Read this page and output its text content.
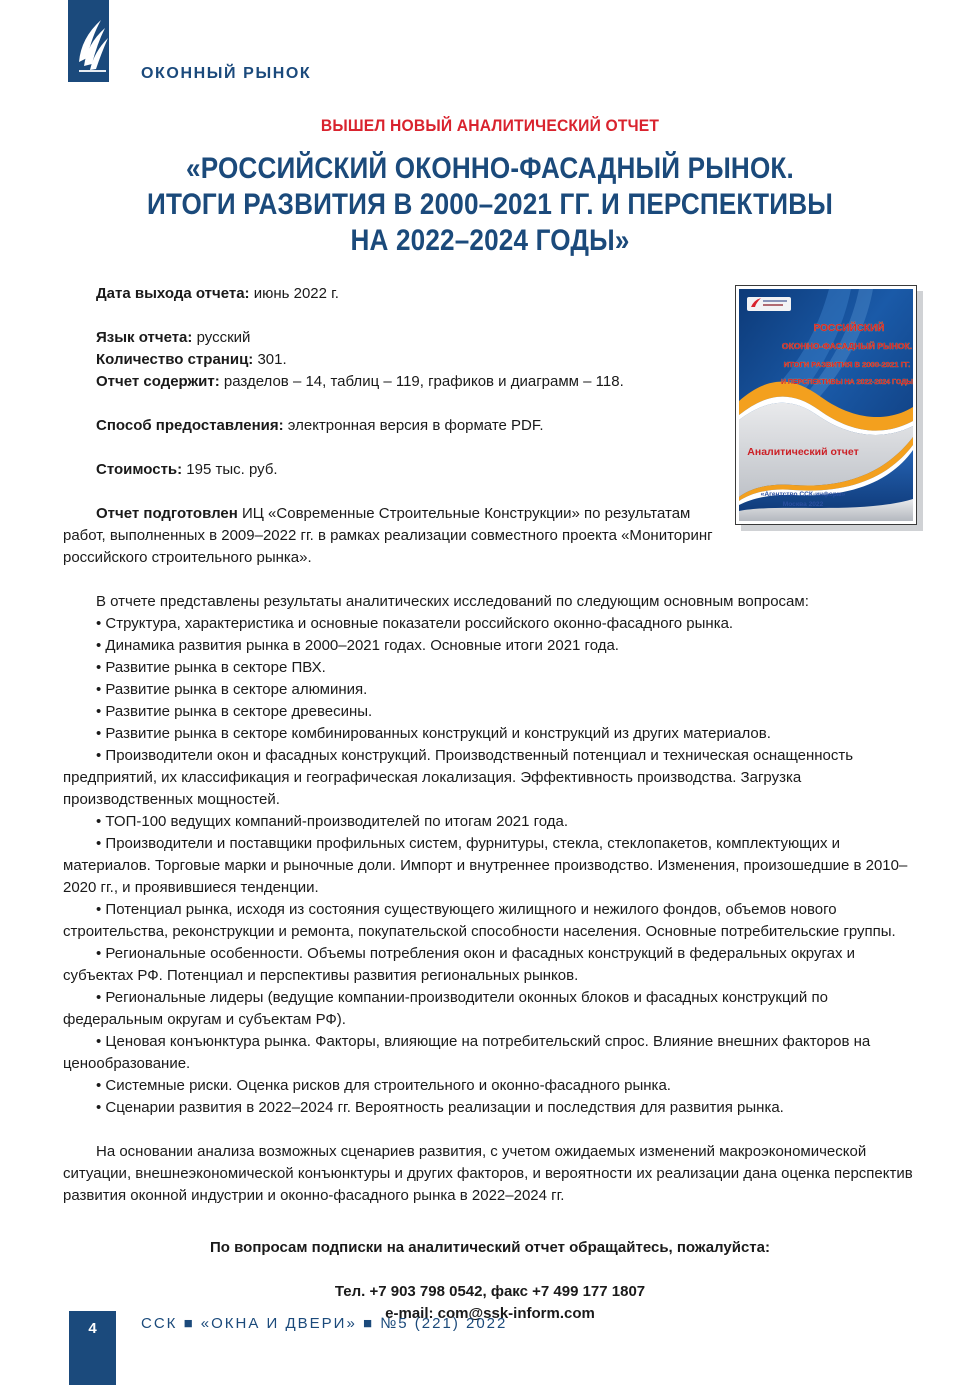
ОКОННЫЙ РЫНОК

ВЫШЕЛ НОВЫЙ АНАЛИТИЧЕСКИЙ ОТЧЕТ

«РОССИЙСКИЙ ОКОННО-ФАСАДНЫЙ РЫНОК.
ИТОГИ РАЗВИТИЯ В 2000–2021 ГГ. И ПЕРСПЕКТИВЫ
НА 2022–2024 ГОДЫ»
РОССИЙСКИЙ
ОКОННО-ФАСАДНЫЙ РЫНОК.
ИТОГИ РАЗВИТИЯ В 2000-2021 ГГ.
И ПЕРСПЕКТИВЫ НА 2022-2024 ГОДЫ
Аналитический отчет
«Агентство ССК-информ»
Москва 2022

Дата выхода отчета: июнь 2022 г.

Язык отчета: русский

Количество страниц: 301.

Отчет содержит: разделов – 14, таблиц – 119, графиков и диаграмм – 118.

Способ предоставления: электронная версия в формате PDF.

Стоимость: 195 тыс. руб.

Отчет подготовлен ИЦ «Современные Строительные Конструкции» по результатам работ, выполненных в 2009–2022 гг. в рамках реализации совместного проекта «Мониторинг российского строительного рынка».

В отчете представлены результаты аналитических исследований по следующим основным вопросам:

• Структура, характеристика и основные показатели российского оконно-фасадного рынка.

• Динамика развития рынка в 2000–2021 годах. Основные итоги 2021 года.

• Развитие рынка в секторе ПВХ.

• Развитие рынка в секторе алюминия.

• Развитие рынка в секторе древесины.

• Развитие рынка в секторе комбинированных конструкций и конструкций из других материалов.

• Производители окон и фасадных конструкций. Производственный потенциал и техническая оснащенность предприятий, их классификация и географическая локализация. Эффективность производства. Загрузка производственных мощностей.

• ТОП-100 ведущих компаний-производителей по итогам 2021 года.

• Производители и поставщики профильных систем, фурнитуры, стекла, стеклопакетов, комплектующих и материалов. Торговые марки и рыночные доли. Импорт и внутреннее производство. Изменения, произошедшие в 2010–2020 гг., и проявившиеся тенденции.

• Потенциал рынка, исходя из состояния существующего жилищного и нежилого фондов, объемов нового строительства, реконструкции и ремонта, покупательской способности населения. Основные потребительские группы.

• Региональные особенности. Объемы потребления окон и фасадных конструкций в федеральных округах и субъектах РФ. Потенциал и перспективы развития региональных рынков.

• Региональные лидеры (ведущие компании-производители оконных блоков и фасадных конструкций по федеральным округам и субъектам РФ).

• Ценовая конъюнктура рынка. Факторы, влияющие на потребительский спрос. Влияние внешних факторов на ценообразование.

• Системные риски. Оценка рисков для строительного и оконно-фасадного рынка.

• Сценарии развития в 2022–2024 гг. Вероятность реализации и последствия для развития рынка.

На основании анализа возможных сценариев развития, с учетом ожидаемых изменений макроэкономической ситуации, внешнеэкономической конъюнктуры и других факторов, и вероятности их реализации дана оценка перспектив развития оконной индустрии и оконно-фасадного рынка в 2022–2024 гг.

По вопросам подписки на аналитический отчет обращайтесь, пожалуйста:
Тел. +7 903 798 0542, факс +7 499 177 1807
e-mail: com@ssk-inform.com
4	ССК ■ «ОКНА И ДВЕРИ» ■ №5 (221) 2022
